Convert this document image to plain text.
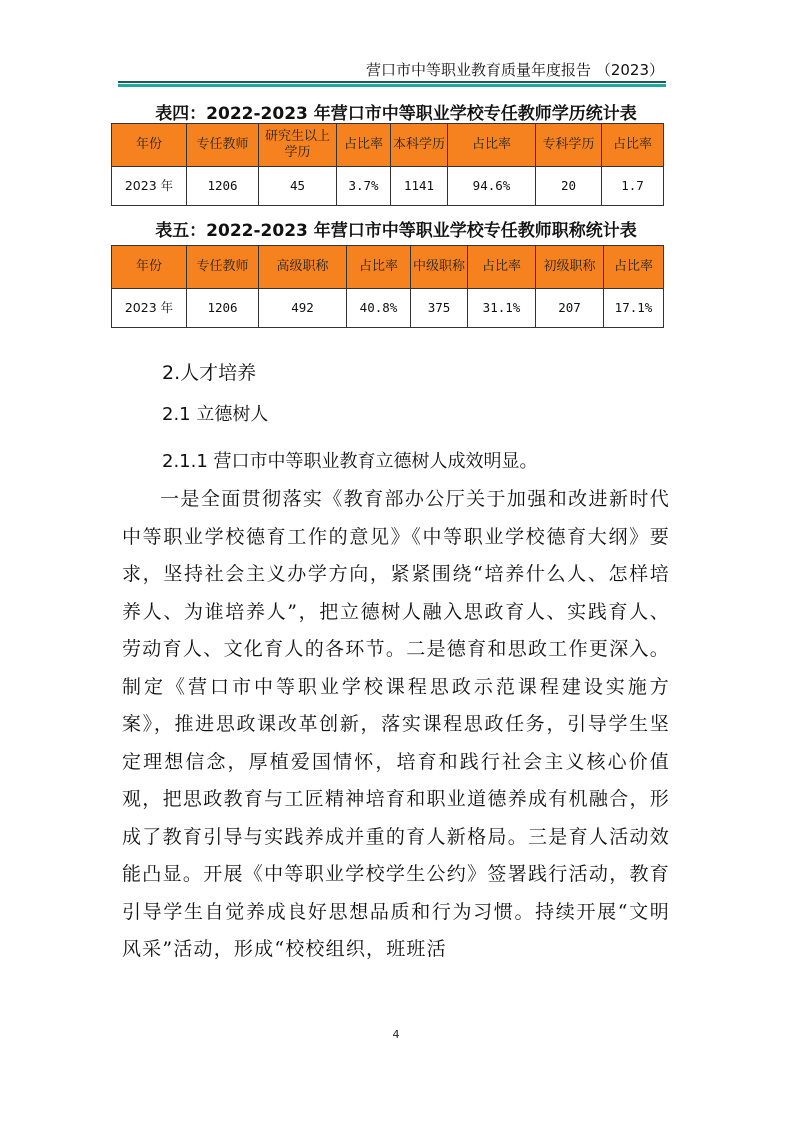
营口市中等职业教育质量年度报告 （2023）
表四：2022-2023 年营口市中等职业学校专任教师学历统计表
年份	专任教师	研究生以上学历	占比率	本科学历	占比率	专科学历	占比率
2023 年	1206	45	3.7%	1141	94.6%	20	1.7
表五：2022-2023 年营口市中等职业学校专任教师职称统计表
年份	专任教师	高级职称	占比率	中级职称	占比率	初级职称	占比率
2023 年	1206	492	40.8%	375	31.1%	207	17.1%
2.人才培养
2.1 立德树人
2.1.1 营口市中等职业教育立德树人成效明显。

一是全面贯彻落实《教育部办公厅关于加强和改进新时代中等职业学校德育工作的意见》《中等职业学校德育大纲》要求，坚持社会主义办学方向，紧紧围绕“培养什么人、怎样培养人、为谁培养人”，把立德树人融入思政育人、实践育人、劳动育人、文化育人的各环节。二是德育和思政工作更深入。制定《营口市中等职业学校课程思政示范课程建设实施方案》，推进思政课改革创新，落实课程思政任务，引导学生坚定理想信念，厚植爱国情怀，培育和践行社会主义核心价值观，把思政教育与工匠精神培育和职业道德养成有机融合，形成了教育引导与实践养成并重的育人新格局。三是育人活动效能凸显。开展《中等职业学校学生公约》签署践行活动，教育引导学生自觉养成良好思想品质和行为习惯。持续开展“文明风采”活动，形成“校校组织，班班活

4
